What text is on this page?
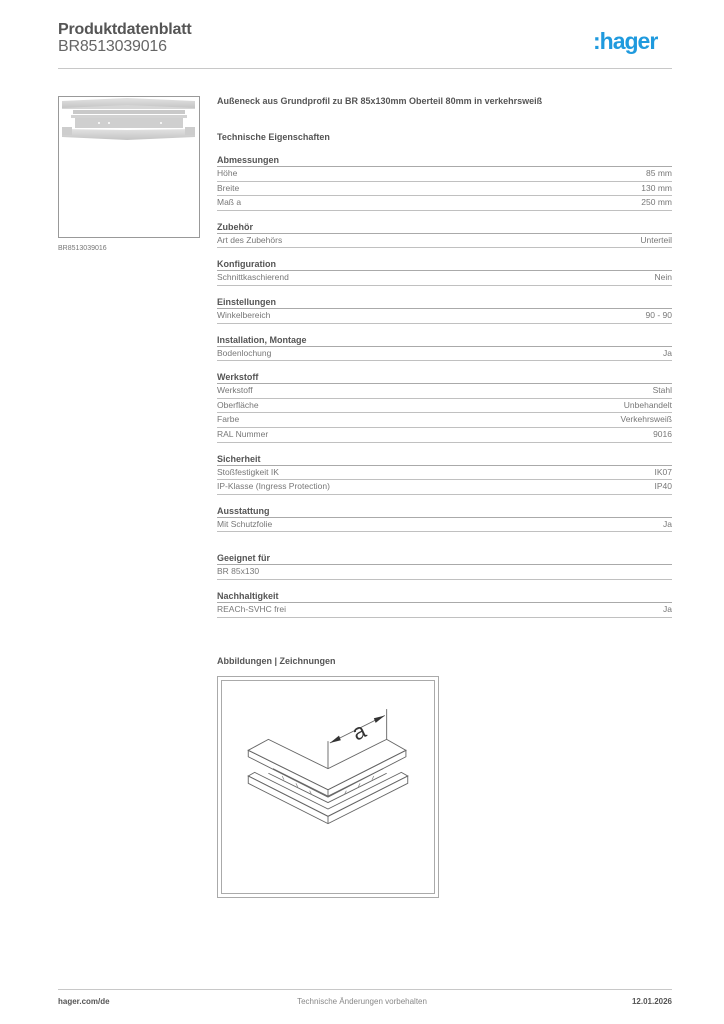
Produktdatenblatt
BR8513039016	:hager
BR8513039016
Außeneck aus Grundprofil zu BR 85x130mm Oberteil 80mm in verkehrsweiß
Technische Eigenschaften
Abmessungen
Höhe	85 mm
Breite	130 mm
Maß a	250 mm
Zubehör
Art des Zubehörs	Unterteil
Konfiguration
Schnittkaschierend	Nein
Einstellungen
Winkelbereich	90 - 90
Installation, Montage
Bodenlochung	Ja
Werkstoff
Werkstoff	Stahl
Oberfläche	Unbehandelt
Farbe	Verkehrsweiß
RAL Nummer	9016
Sicherheit
Stoßfestigkeit IK	IK07
IP-Klasse (Ingress Protection)	IP40
Ausstattung
Mit Schutzfolie	Ja
Geeignet für
BR 85x130
Nachhaltigkeit
REACh-SVHC frei	Ja
Abbildungen | Zeichnungen
a
hager.com/de	Technische Änderungen vorbehalten	12.01.2026
